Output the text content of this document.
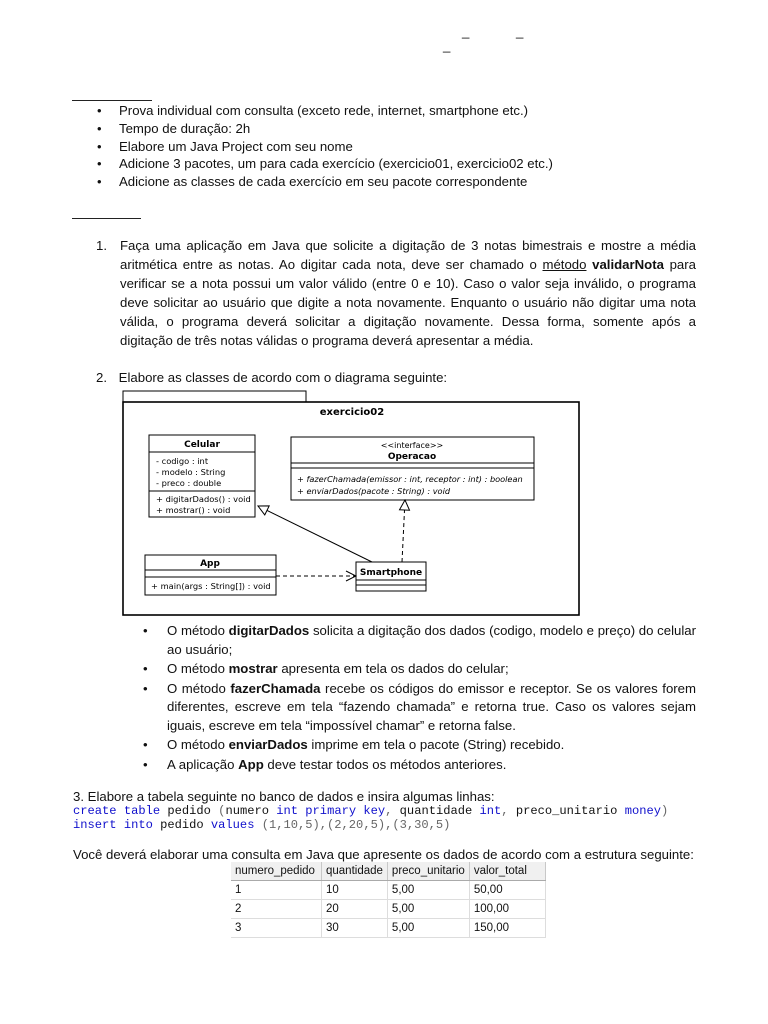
_	_
_
• Prova individual com consulta (exceto rede, internet, smartphone etc.)
• Tempo de duração: 2h
• Elabore um Java Project com seu nome
• Adicione 3 pacotes, um para cada exercício (exercicio01, exercicio02 etc.)
• Adicione as classes de cada exercício em seu pacote correspondente
1. Faça uma aplicação em Java que solicite a digitação de 3 notas bimestrais e mostre a média aritmética entre as notas. Ao digitar cada nota, deve ser chamado o método validarNota para verificar se a nota possui um valor válido (entre 0 e 10). Caso o valor seja inválido, o programa deve solicitar ao usuário que digite a nota novamente. Enquanto o usuário não digitar uma nota válida, o programa deverá solicitar a digitação novamente. Dessa forma, somente após a digitação de três notas válidas o programa deverá apresentar a média.
2. Elabore as classes de acordo com o diagrama seguinte:
exercicio02
Celular
- codigo : int
- modelo : String
- preco : double
+ digitarDados() : void
+ mostrar() : void
<<interface>>
Operacao
+ fazerChamada(emissor : int, receptor : int) : boolean
+ enviarDados(pacote : String) : void
App
+ main(args : String[]) : void
Smartphone
• O método digitarDados solicita a digitação dos dados (codigo, modelo e preço) do celular ao usuário;
• O método mostrar apresenta em tela os dados do celular;
• O método fazerChamada recebe os códigos do emissor e receptor. Se os valores forem diferentes, escreve em tela “fazendo chamada” e retorna true. Caso os valores sejam iguais, escreve em tela “impossível chamar” e retorna false.
• O método enviarDados imprime em tela o pacote (String) recebido.
• A aplicação App deve testar todos os métodos anteriores.
3. Elabore a tabela seguinte no banco de dados e insira algumas linhas:
create table pedido (numero int primary key, quantidade int, preco_unitario money)
insert into pedido values (1,10,5),(2,20,5),(3,30,5)
Você deverá elaborar uma consulta em Java que apresente os dados de acordo com a estrutura seguinte:
numero_pedido	quantidade	preco_unitario	valor_total
1	10	5,00	50,00
2	20	5,00	100,00
3	30	5,00	150,00
